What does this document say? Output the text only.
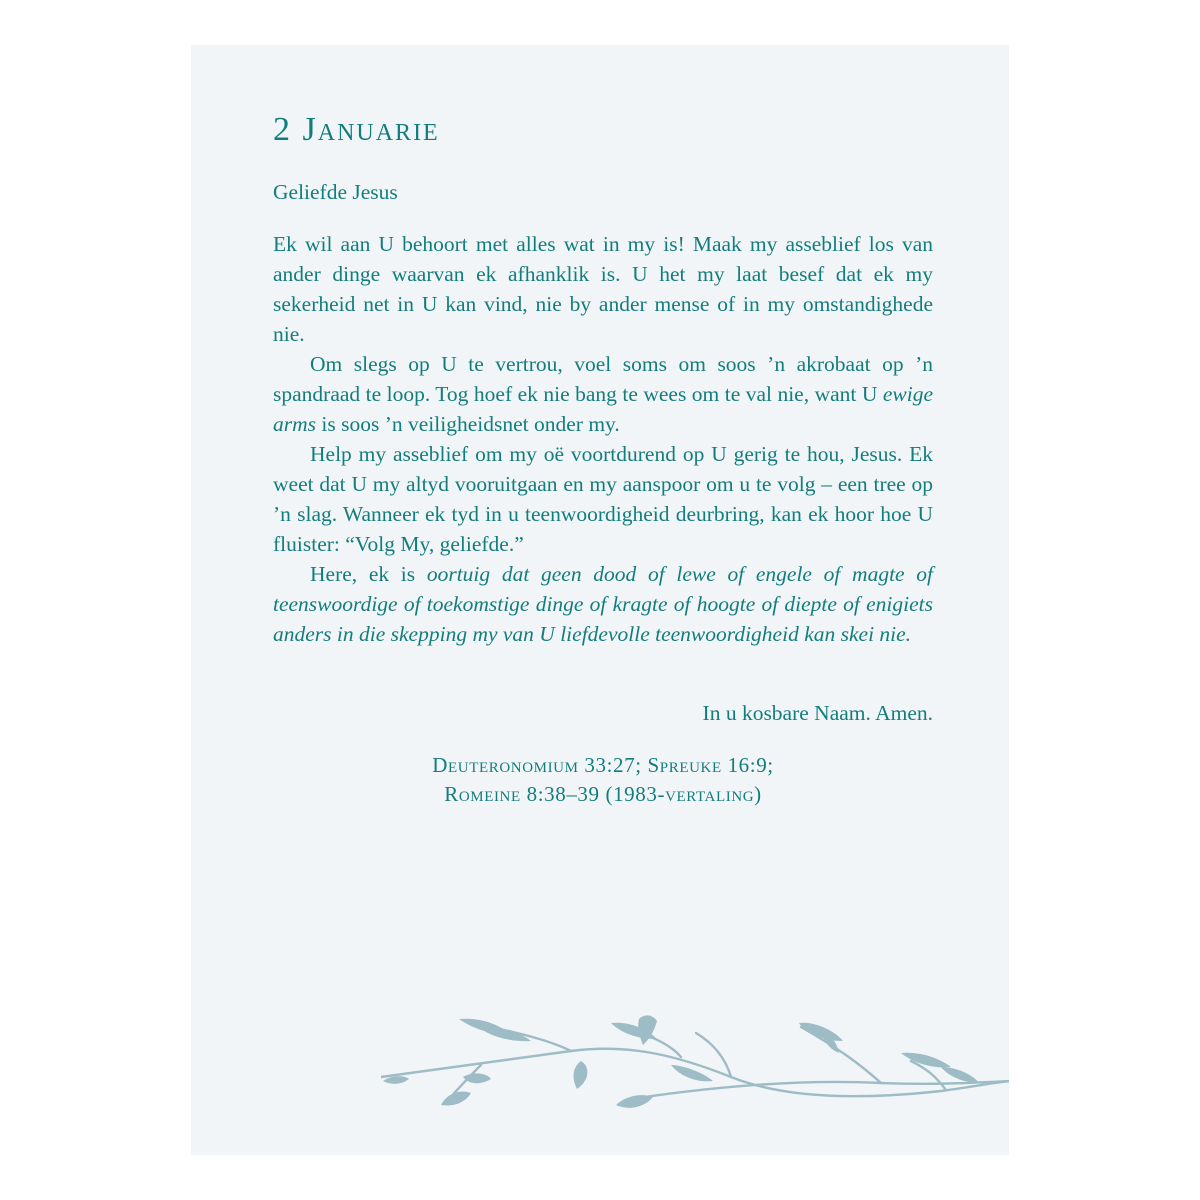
2 Januarie

Geliefde Jesus

Ek wil aan U behoort met alles wat in my is! Maak my asseblief los van ander dinge waarvan ek afhanklik is. U het my laat besef dat ek my sekerheid net in U kan vind, nie by ander mense of in my omstandighede nie.

Om slegs op U te vertrou, voel soms om soos ’n akrobaat op ’n spandraad te loop. Tog hoef ek nie bang te wees om te val nie, want U ewige arms is soos ’n veiligheidsnet onder my.

Help my asseblief om my oë voortdurend op U gerig te hou, Jesus. Ek weet dat U my altyd vooruitgaan en my aanspoor om u te volg – een tree op ’n slag. Wanneer ek tyd in u teenwoordigheid deurbring, kan ek hoor hoe U fluister: “Volg My, geliefde.”

Here, ek is oortuig dat geen dood of lewe of engele of magte of teenswoordige of toekomstige dinge of kragte of hoogte of diepte of enigiets anders in die skepping my van U liefdevolle teenwoordigheid kan skei nie.

In u kosbare Naam. Amen.

Deuteronomium 33:27; Spreuke 16:9;
Romeine 8:38–39 (1983-vertaling)
